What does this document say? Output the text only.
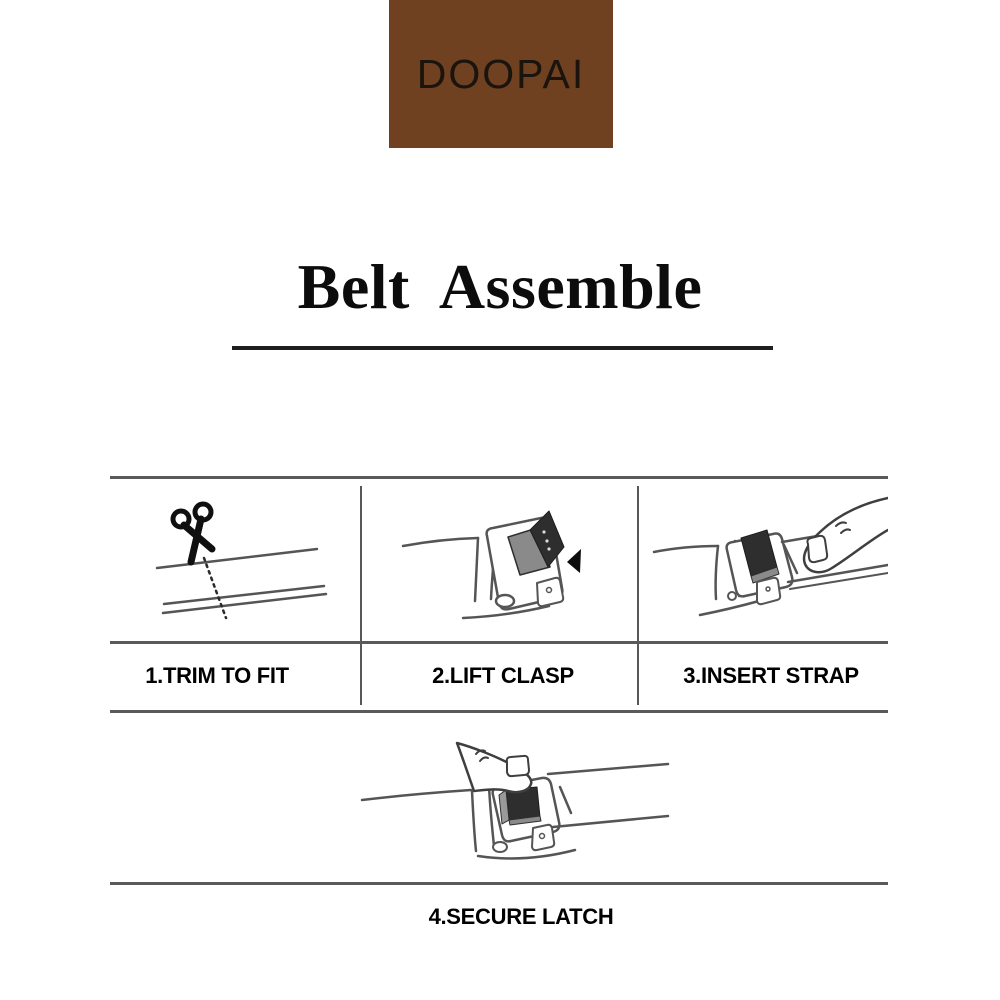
DOOPAI
Belt Assemble
1.TRIM TO FIT	2.LIFT CLASP	3.INSERT STRAP
4.SECURE LATCH
